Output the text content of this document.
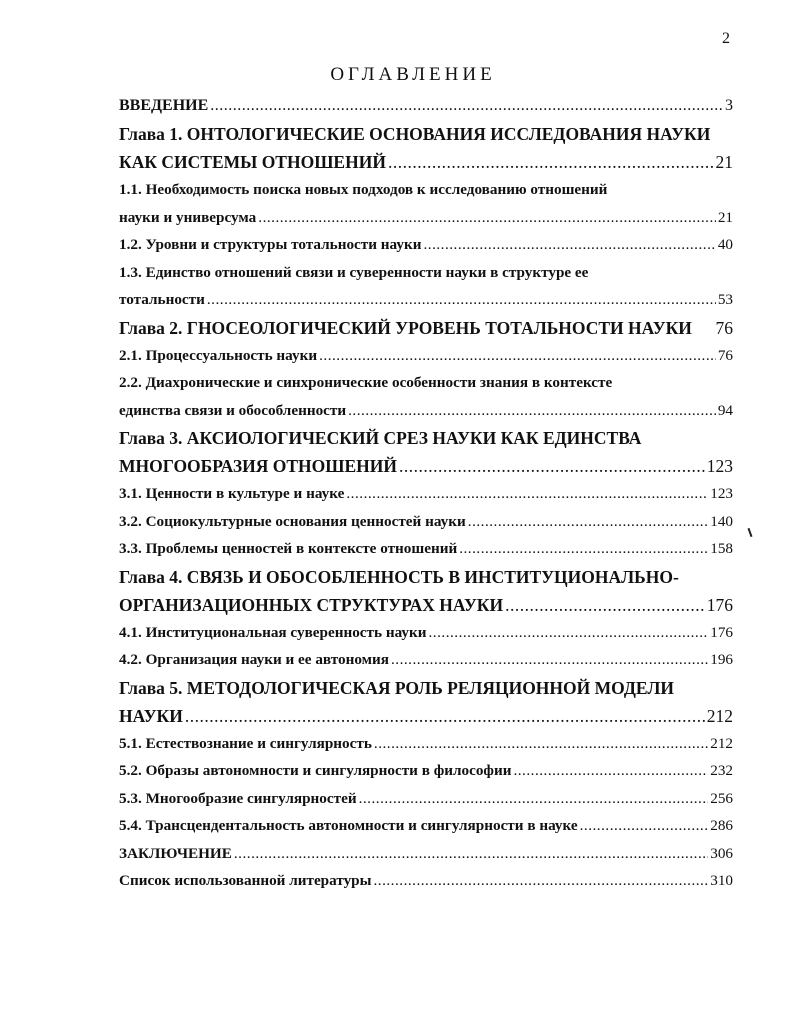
2
ОГЛАВЛЕНИЕ
ВВЕДЕНИЕ .....	3
Глава 1. ОНТОЛОГИЧЕСКИЕ ОСНОВАНИЯ ИССЛЕДОВАНИЯ НАУКИ
КАК СИСТЕМЫ ОТНОШЕНИЙ .....	21
1.1. Необходимость поиска новых подходов к исследованию отношений
науки и универсума .....	21
1.2. Уровни и структуры тотальности науки .....	40
1.3. Единство отношений связи и суверенности науки в структуре ее
тотальности .....	53
Глава 2. ГНОСЕОЛОГИЧЕСКИЙ УРОВЕНЬ ТОТАЛЬНОСТИ НАУКИ 76
2.1. Процессуальность науки .....	76
2.2. Диахронические и синхронические особенности знания в контексте
единства связи и обособленности .....	94
Глава 3. АКСИОЛОГИЧЕСКИЙ СРЕЗ НАУКИ КАК ЕДИНСТВА
МНОГООБРАЗИЯ ОТНОШЕНИЙ .....	123
3.1. Ценности в культуре и науке .....	123
3.2. Социокультурные основания ценностей науки .....	140
3.3. Проблемы ценностей в контексте отношений .....	158
Глава 4. СВЯЗЬ И ОБОСОБЛЕННОСТЬ В ИНСТИТУЦИОНАЛЬНО-
ОРГАНИЗАЦИОННЫХ СТРУКТУРАХ НАУКИ .....	176
4.1. Институциональная суверенность науки .....	176
4.2. Организация науки и ее автономия .....	196
Глава 5. МЕТОДОЛОГИЧЕСКАЯ РОЛЬ РЕЛЯЦИОННОЙ МОДЕЛИ
НАУКИ .....	212
5.1. Естествознание и сингулярность .....	212
5.2. Образы автономности и сингулярности в философии .....	232
5.3. Многообразие сингулярностей .....	256
5.4. Трансцендентальность автономности и сингулярности в науке .....	286
ЗАКЛЮЧЕНИЕ .....	306
Список использованной литературы .....	310
